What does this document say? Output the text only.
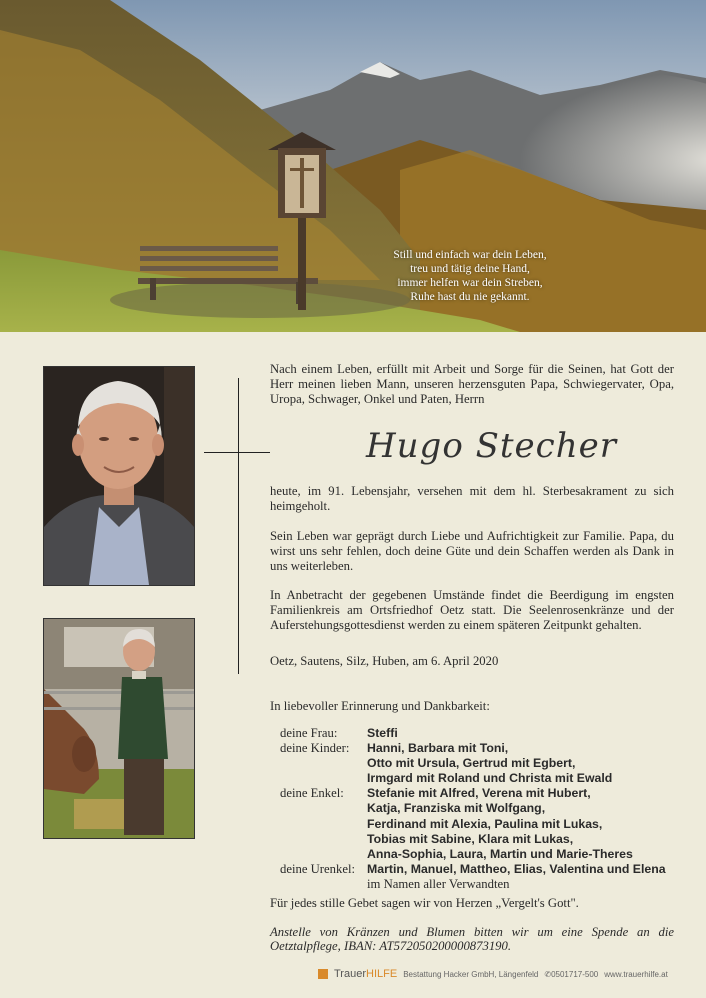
Still und einfach war dein Leben,
treu und tätig deine Hand,
immer helfen war dein Streben,
Ruhe hast du nie gekannt.
Nach einem Leben, erfüllt mit Arbeit und Sorge für die Seinen, hat Gott der Herr meinen lieben Mann, unseren herzensguten Papa, Schwiegervater, Opa, Uropa, Schwager, Onkel und Paten, Herrn
Hugo Stecher
heute, im 91. Lebensjahr, versehen mit dem hl. Sterbesakrament zu sich heimgeholt.
Sein Leben war geprägt durch Liebe und Aufrichtigkeit zur Familie. Papa, du wirst uns sehr fehlen, doch deine Güte und dein Schaffen werden als Dank in uns weiterleben.
In Anbetracht der gegebenen Umstände findet die Beerdigung im engsten Familienkreis am Ortsfriedhof Oetz statt. Die Seelenrosenkränze und der Auferstehungsgottesdienst werden zu einem späteren Zeitpunkt gehalten.
Oetz, Sautens, Silz, Huben, am 6. April 2020
In liebevoller Erinnerung und Dankbarkeit:
deine Frau:	Steffi
deine Kinder:	Hanni, Barbara mit Toni,
Otto mit Ursula, Gertrud mit Egbert,
Irmgard mit Roland und Christa mit Ewald
deine Enkel:	Stefanie mit Alfred, Verena mit Hubert,
Katja, Franziska mit Wolfgang,
Ferdinand mit Alexia, Paulina mit Lukas,
Tobias mit Sabine, Klara mit Lukas,
Anna-Sophia, Laura, Martin und Marie-Theres
deine Urenkel: Martin, Manuel, Mattheo, Elias, Valentina und Elena
im Namen aller Verwandten
Für jedes stille Gebet sagen wir von Herzen „Vergelt's Gott".
Anstelle von Kränzen und Blumen bitten wir um eine Spende an die Oetztalpflege, IBAN: AT572050200000873190.
TrauerHILFE Bestattung Hacker GmbH, Längenfeld ✆0501717-500 www.trauerhilfe.at
